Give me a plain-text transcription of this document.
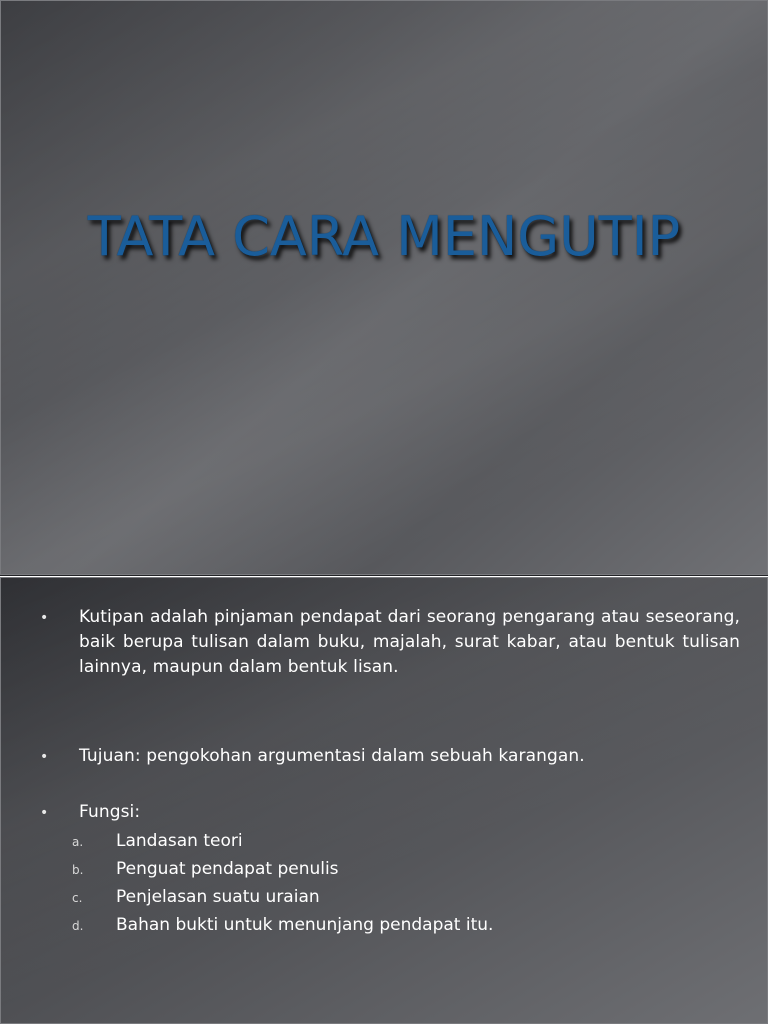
TATA CARA MENGUTIP
•	Kutipan adalah pinjaman pendapat dari seorang pengarang atau seseorang, baik berupa tulisan dalam buku, majalah, surat kabar, atau bentuk tulisan lainnya, maupun dalam bentuk lisan.
•	Tujuan: pengokohan argumentasi dalam sebuah karangan.
•	Fungsi:
a.	Landasan teori
b.	Penguat pendapat penulis
c.	Penjelasan suatu uraian
d.	Bahan bukti untuk menunjang pendapat itu.
